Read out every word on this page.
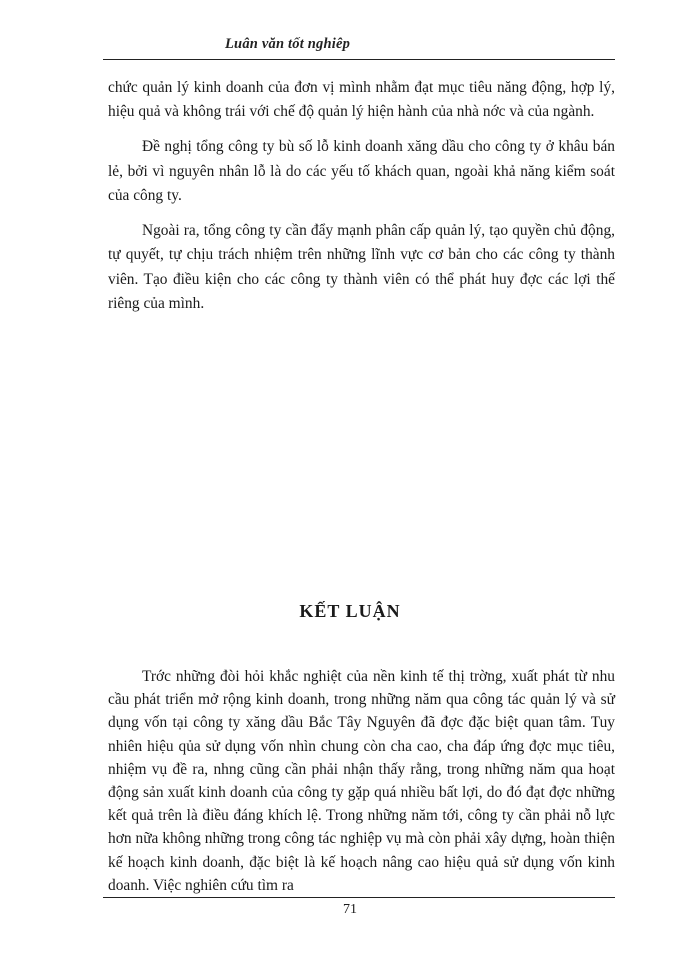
Luân văn tốt nghiêp

chức quản lý kinh doanh của đơn vị mình nhằm đạt mục tiêu năng động, hợp lý, hiệu quả và không trái với chế độ quản lý hiện hành của nhà nớc và của ngành.

Đề nghị tổng công ty bù số lỗ kinh doanh xăng dầu cho công ty ở khâu bán lẻ, bởi vì nguyên nhân lỗ là do các yếu tố khách quan, ngoài khả năng kiểm soát của công ty.

Ngoài ra, tổng công ty cần đẩy mạnh phân cấp quản lý, tạo quyền chủ động, tự quyết, tự chịu trách nhiệm trên những lĩnh vực cơ bản cho các công ty thành viên. Tạo điều kiện cho các công ty thành viên có thể phát huy đợc các lợi thế riêng của mình.

KẾT LUẬN

Trớc những đòi hỏi khắc nghiệt của nền kinh tế thị trờng, xuất phát từ nhu cầu phát triển mở rộng kinh doanh, trong những năm qua công tác quản lý và sử dụng vốn tại công ty xăng dầu Bắc Tây Nguyên đã đợc đặc biệt quan tâm. Tuy nhiên hiệu qủa sử dụng vốn nhìn chung còn cha cao, cha đáp ứng đợc mục tiêu, nhiệm vụ đề ra, nhng cũng cần phải nhận thấy rằng, trong những năm qua hoạt động sản xuất kinh doanh của công ty gặp quá nhiều bất lợi, do đó đạt đợc những kết quả trên là điều đáng khích lệ. Trong những năm tới, công ty cần phải nỗ lực hơn nữa không những trong công tác nghiệp vụ mà còn phải xây dựng, hoàn thiện kế hoạch kinh doanh, đặc biệt là kế hoạch nâng cao hiệu quả sử dụng vốn kinh doanh. Việc nghiên cứu tìm ra

71
